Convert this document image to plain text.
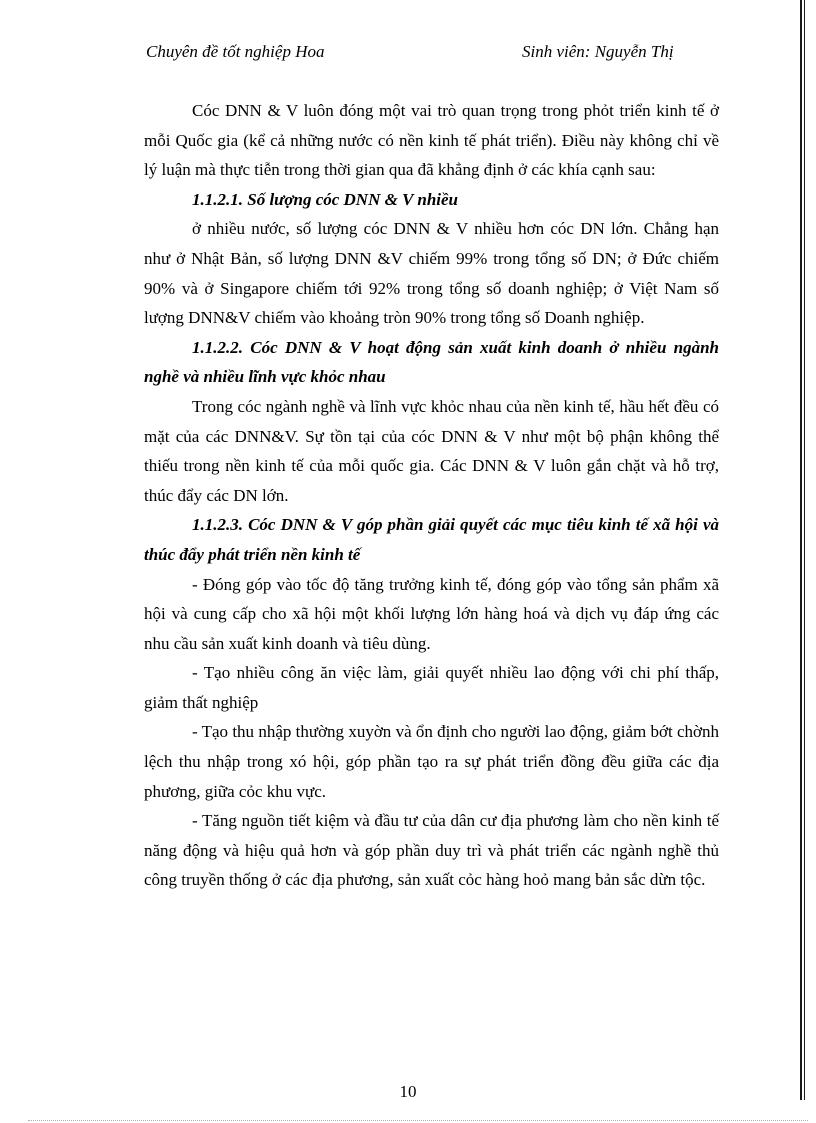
Chuyên đề tốt nghiệp Hoa	Sinh viên: Nguyễn Thị

Cóc DNN & V luôn đóng một vai trò quan trọng trong phỏt triển kinh tế ở mỗi Quốc gia (kể cả những nước có nền kinh tế phát triển). Điều này không chỉ về lý luận mà thực tiễn trong thời gian qua đã khẳng định ở các khía cạnh sau:

1.1.2.1. Số lượng cóc DNN & V nhiều

ở nhiều nước, số lượng cóc DNN & V nhiều hơn cóc DN lớn. Chẳng hạn như ở Nhật Bản, số lượng DNN &V chiếm 99% trong tổng số DN; ở Đức chiếm 90% và ở Singapore chiếm tới 92% trong tổng số doanh nghiệp; ở Việt Nam số lượng DNN&V chiếm vào khoảng tròn 90% trong tổng số Doanh nghiệp.

1.1.2.2. Cóc DNN & V hoạt động sản xuất kinh doanh ở nhiều ngành nghề và nhiều lĩnh vực khỏc nhau

Trong cóc ngành nghề và lĩnh vực khỏc nhau của nền kinh tế, hầu hết đều có mặt của các DNN&V. Sự tồn tại của cóc DNN & V như một bộ phận không thể thiếu trong nền kinh tế của mỗi quốc gia. Các DNN & V luôn gắn chặt và hỗ trợ, thúc đẩy các DN lớn.

1.1.2.3. Cóc DNN & V góp phần giải quyết các mục tiêu kinh tế xã hội và thúc đẩy phát triển nền kinh tế

- Đóng góp vào tốc độ tăng trưởng kinh tế, đóng góp vào tổng sản phẩm xã hội và cung cấp cho xã hội một khối lượng lớn hàng hoá và dịch vụ đáp ứng các nhu cầu sản xuất kinh doanh và tiêu dùng.

- Tạo nhiều công ăn việc làm, giải quyết nhiều lao động với chi phí thấp, giảm thất nghiệp

- Tạo thu nhập thường xuyờn và ổn định cho người lao động, giảm bớt chờnh lệch thu nhập trong xó hội, góp phần tạo ra sự phát triển đồng đều giữa các địa phương, giữa cỏc khu vực.

- Tăng nguồn tiết kiệm và đầu tư của dân cư địa phương làm cho nền kinh tế năng động và hiệu quả hơn và góp phần duy trì và phát triển các ngành nghề thủ công truyền thống ở các địa phương, sản xuất cỏc hàng hoỏ mang bản sắc dừn tộc.

10
